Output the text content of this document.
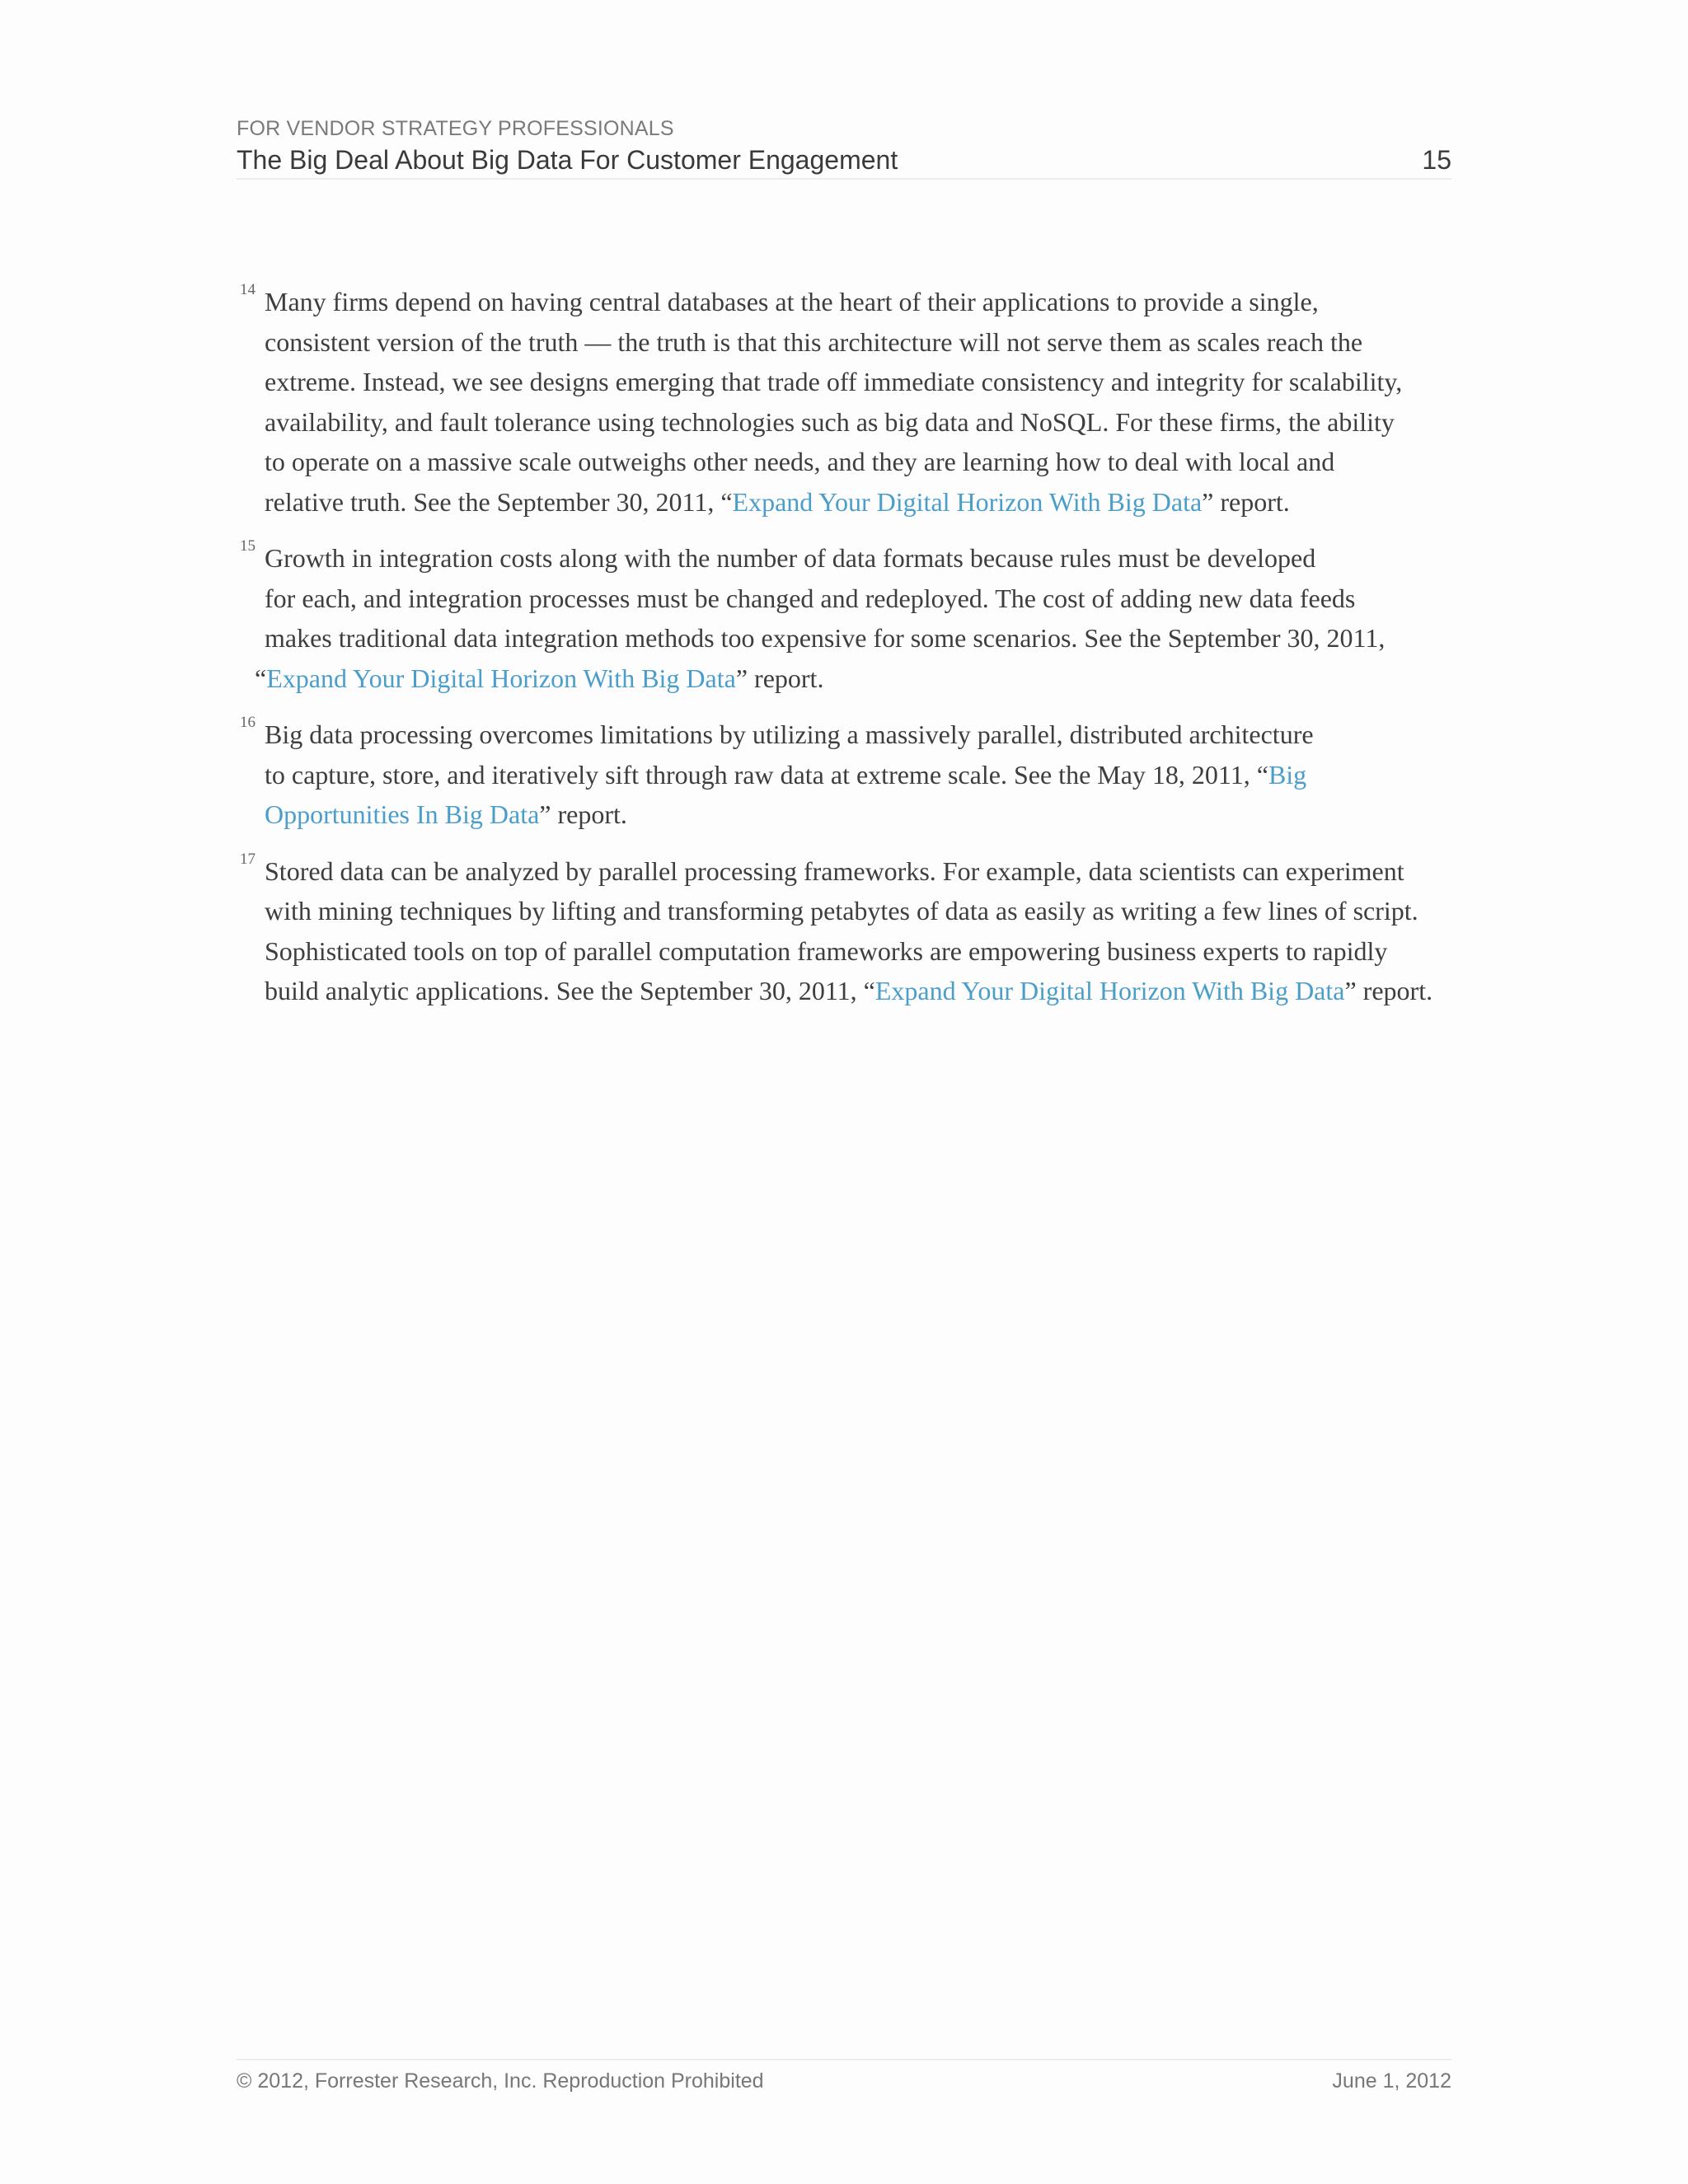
FOR VENDOR STRATEGY PROFESSIONALS
The Big Deal About Big Data For Customer Engagement	15
14 Many firms depend on having central databases at the heart of their applications to provide a single,
consistent version of the truth — the truth is that this architecture will not serve them as scales reach the
extreme. Instead, we see designs emerging that trade off immediate consistency and integrity for scalability,
availability, and fault tolerance using technologies such as big data and NoSQL. For these firms, the ability
to operate on a massive scale outweighs other needs, and they are learning how to deal with local and
relative truth. See the September 30, 2011, “Expand Your Digital Horizon With Big Data” report.
15 Growth in integration costs along with the number of data formats because rules must be developed
for each, and integration processes must be changed and redeployed. The cost of adding new data feeds
makes traditional data integration methods too expensive for some scenarios. See the September 30, 2011,
“Expand Your Digital Horizon With Big Data” report.
16 Big data processing overcomes limitations by utilizing a massively parallel, distributed architecture
to capture, store, and iteratively sift through raw data at extreme scale. See the May 18, 2011, “Big
Opportunities In Big Data” report.
17 Stored data can be analyzed by parallel processing frameworks. For example, data scientists can experiment
with mining techniques by lifting and transforming petabytes of data as easily as writing a few lines of script.
Sophisticated tools on top of parallel computation frameworks are empowering business experts to rapidly
build analytic applications. See the September 30, 2011, “Expand Your Digital Horizon With Big Data” report.
© 2012, Forrester Research, Inc. Reproduction Prohibited	June 1, 2012
